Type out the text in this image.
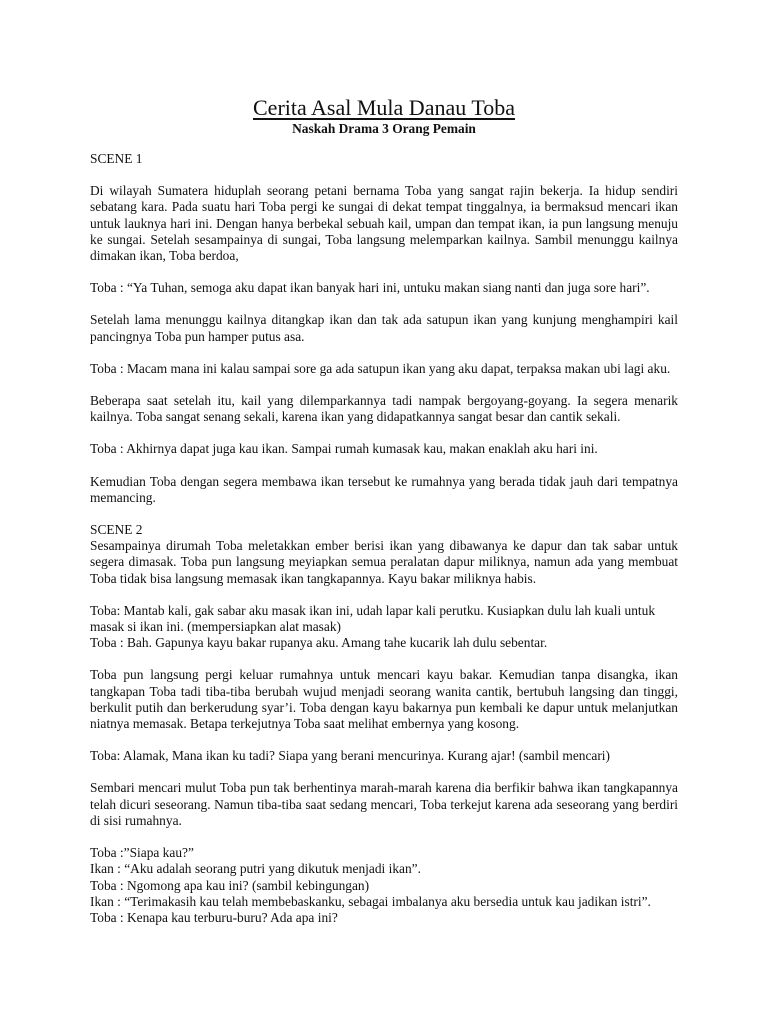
Cerita Asal Mula Danau Toba
Naskah Drama 3 Orang Pemain

SCENE 1

Di wilayah Sumatera hiduplah seorang petani bernama Toba yang sangat rajin bekerja. Ia hidup sendiri sebatang kara. Pada suatu hari Toba pergi ke sungai di dekat tempat tinggalnya, ia bermaksud mencari ikan untuk lauknya hari ini. Dengan hanya berbekal sebuah kail, umpan dan tempat ikan, ia pun langsung menuju ke sungai. Setelah sesampainya di sungai, Toba langsung melemparkan kailnya. Sambil menunggu kailnya dimakan ikan, Toba berdoa,

Toba : “Ya Tuhan, semoga aku dapat ikan banyak hari ini, untuku makan siang nanti dan juga sore hari”.

Setelah lama menunggu kailnya ditangkap ikan dan tak ada satupun ikan yang kunjung menghampiri kail pancingnya Toba pun hamper putus asa.

Toba : Macam mana ini kalau sampai sore ga ada satupun ikan yang aku dapat, terpaksa makan ubi lagi aku.

Beberapa saat setelah itu, kail yang dilemparkannya tadi nampak bergoyang-goyang. Ia segera menarik kailnya. Toba sangat senang sekali, karena ikan yang didapatkannya sangat besar dan cantik sekali.

Toba : Akhirnya dapat juga kau ikan. Sampai rumah kumasak kau, makan enaklah aku hari ini.

Kemudian Toba dengan segera membawa ikan tersebut ke rumahnya yang berada tidak jauh dari tempatnya memancing.

SCENE 2

Sesampainya dirumah Toba meletakkan ember berisi ikan yang dibawanya ke dapur dan tak sabar untuk segera dimasak. Toba pun langsung meyiapkan semua peralatan dapur miliknya, namun ada yang membuat Toba tidak bisa langsung memasak ikan tangkapannya. Kayu bakar miliknya habis.

Toba: Mantab kali, gak sabar aku masak ikan ini, udah lapar kali perutku. Kusiapkan dulu lah kuali untuk masak si ikan ini. (mempersiapkan alat masak)
Toba : Bah. Gapunya kayu bakar rupanya aku. Amang tahe kucarik lah dulu sebentar.

Toba pun langsung pergi keluar rumahnya untuk mencari kayu bakar. Kemudian tanpa disangka, ikan tangkapan Toba tadi tiba-tiba berubah wujud menjadi seorang wanita cantik, bertubuh langsing dan tinggi, berkulit putih dan berkerudung syar’i. Toba dengan kayu bakarnya pun kembali ke dapur untuk melanjutkan niatnya memasak. Betapa terkejutnya Toba saat melihat embernya yang kosong.

Toba: Alamak, Mana ikan ku tadi? Siapa yang berani mencurinya. Kurang ajar! (sambil mencari)

Sembari mencari mulut Toba pun tak berhentinya marah-marah karena dia berfikir bahwa ikan tangkapannya telah dicuri seseorang. Namun tiba-tiba saat sedang mencari, Toba terkejut karena ada seseorang yang berdiri di sisi rumahnya.

Toba :”Siapa kau?”
Ikan : “Aku adalah seorang putri yang dikutuk menjadi ikan”.
Toba : Ngomong apa kau ini? (sambil kebingungan)
Ikan : “Terimakasih kau telah membebaskanku, sebagai imbalanya aku bersedia untuk kau jadikan istri”.
Toba : Kenapa kau terburu-buru? Ada apa ini?
